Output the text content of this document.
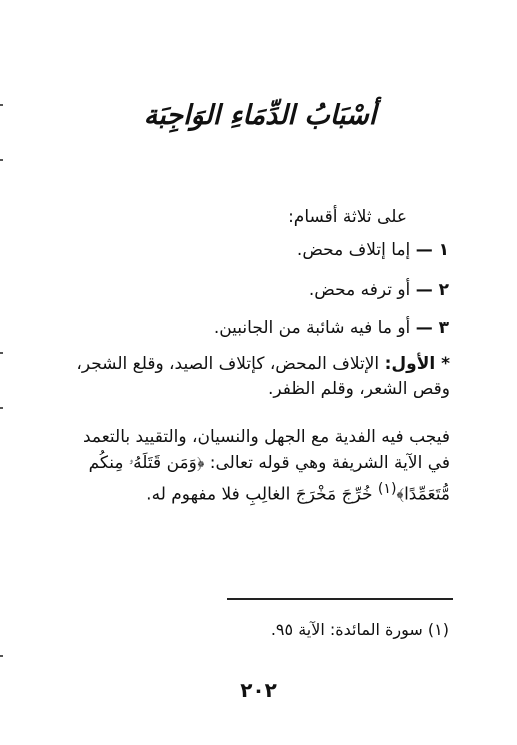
أسْبَابُ الدِّمَاءِ الوَاجِبَة
على ثلاثة أقسام:
١ — إما إتلاف محض.
٢ — أو ترفه محض.
٣ — أو ما فيه شائبة من الجانبين.
* الأول: الإتلاف المحض، كإتلاف الصيد، وقلع الشجر، وقص الشعر، وقلم الظفر.
فيجب فيه الفدية مع الجهل والنسيان، والتقييد بالتعمد في الآية الشريفة وهي قوله تعالى: ﴿وَمَن قَتَلَهُۥ مِنكُم مُّتَعَمِّدًا﴾$^{(١)}$ خُرِّجَ مَخْرَجَ الغالِبِ فلا مفهوم له.
(١) سورة المائدة: الآية ٩٥.
٢٠٢
